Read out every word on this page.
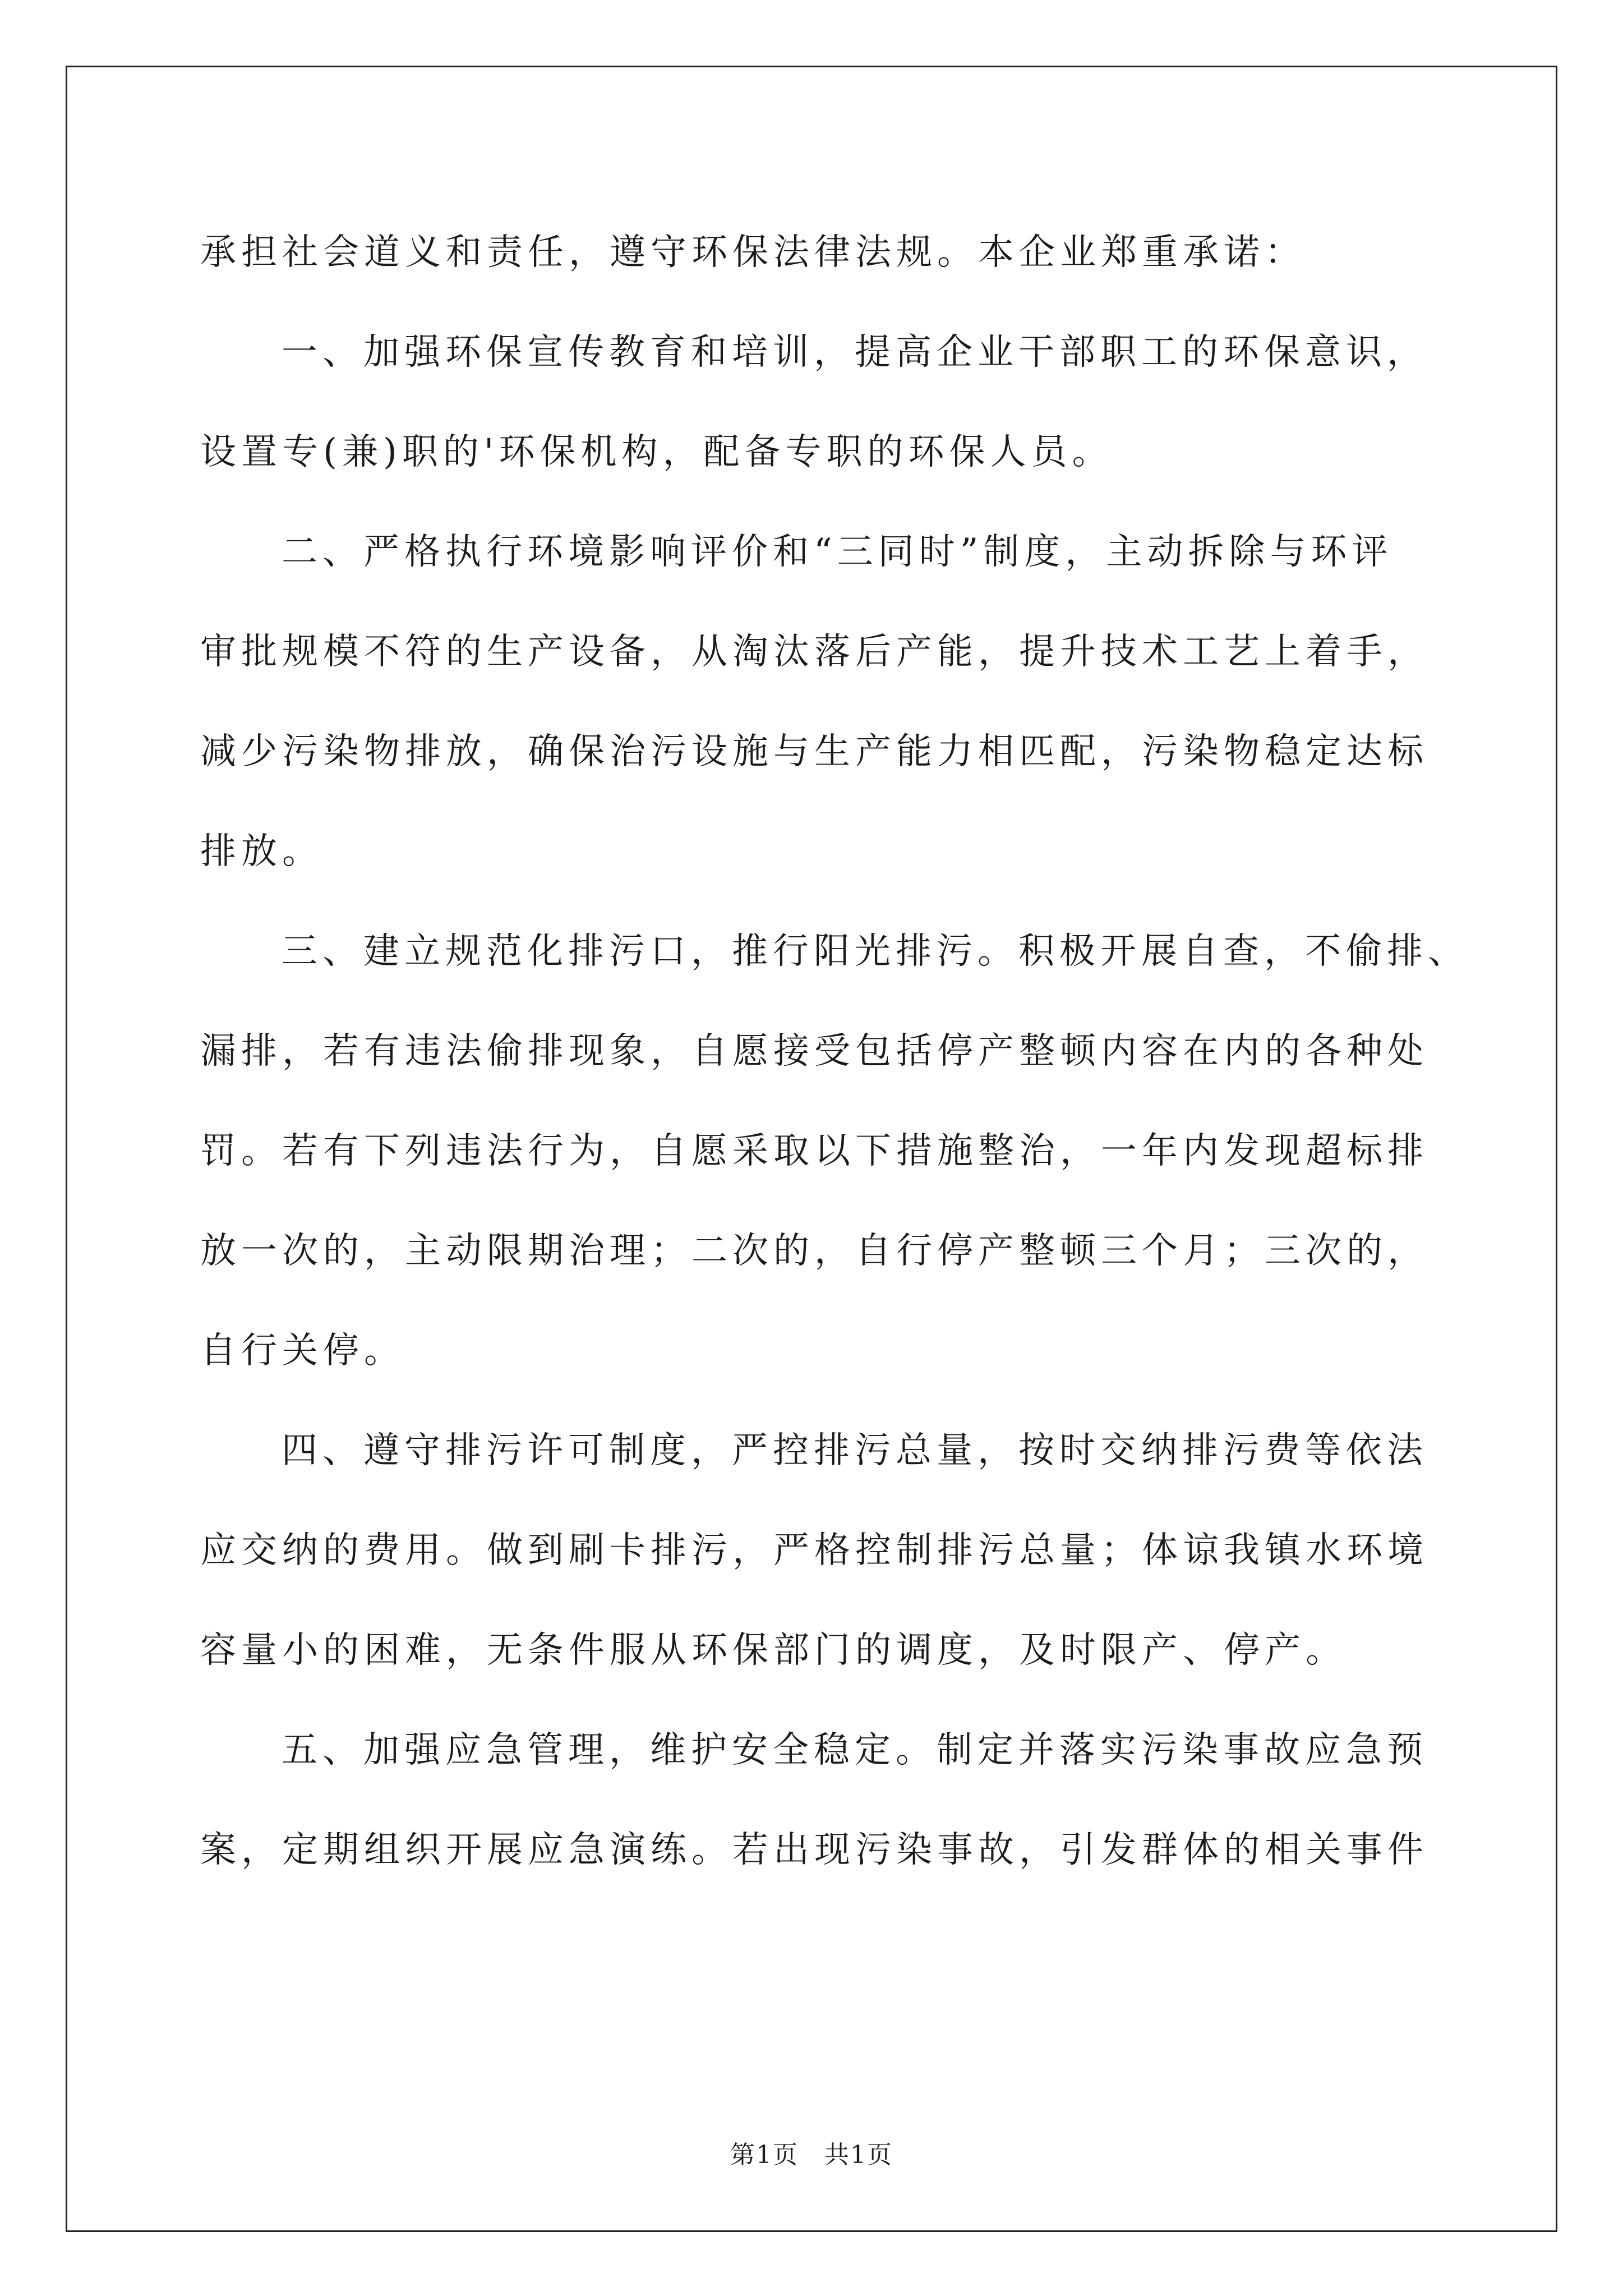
承担社会道义和责任，遵守环保法律法规。本企业郑重承诺：
一、加强环保宣传教育和培训，提高企业干部职工的环保意识，
设置专(兼)职的'环保机构，配备专职的环保人员。
二、严格执行环境影响评价和“三同时”制度，主动拆除与环评
审批规模不符的生产设备，从淘汰落后产能，提升技术工艺上着手，
减少污染物排放，确保治污设施与生产能力相匹配，污染物稳定达标
排放。
三、建立规范化排污口，推行阳光排污。积极开展自查，不偷排、
漏排，若有违法偷排现象，自愿接受包括停产整顿内容在内的各种处
罚。若有下列违法行为，自愿采取以下措施整治，一年内发现超标排
放一次的，主动限期治理；二次的，自行停产整顿三个月；三次的，
自行关停。
四、遵守排污许可制度，严控排污总量，按时交纳排污费等依法
应交纳的费用。做到刷卡排污，严格控制排污总量；体谅我镇水环境
容量小的困难，无条件服从环保部门的调度，及时限产、停产。
五、加强应急管理，维护安全稳定。制定并落实污染事故应急预
案，定期组织开展应急演练。若出现污染事故，引发群体的相关事件
第1页　共1页
